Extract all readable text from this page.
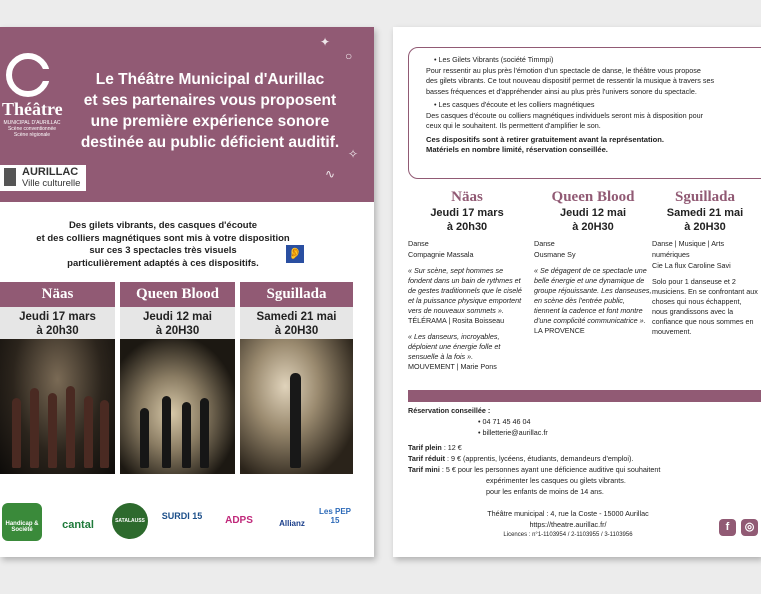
Théâtre
MUNICIPAL D'AURILLAC
Scène conventionnée
Scène régionale
Le Théâtre Municipal d'Aurillac
et ses partenaires vous proposent
une première expérience sonore
destinée au public déficient auditif.
✦
○
∿
✧
AURILLAC
Ville culturelle
Des gilets vibrants, des casques d'écoute
et des colliers magnétiques sont mis à votre disposition
sur ces 3 spectacles très visuels
particulièrement adaptés à ces dispositifs.
👂
Näas
Jeudi 17 mars
à 20h30
Queen Blood
Jeudi 12 mai
à 20H30
Sguillada
Samedi 21 mai
à 20H30
Handicap & Société	cantal	SATALAUSS	SURDI 15	ADPS	Allianz
Les PEP 15
• Les Gilets Vibrants (société Timmpi)
Pour ressentir au plus près l'émotion d'un spectacle de danse, le théâtre vous propose
des gilets vibrants. Ce tout nouveau dispositif permet de ressentir la musique à travers ses
basses fréquences et d'appréhender ainsi au plus près l'univers sonore du spectacle.
• Les casques d'écoute et les colliers magnétiques
Des casques d'écoute ou colliers magnétiques individuels seront mis à disposition pour
ceux qui le souhaitent. Ils permettent d'amplifier le son.
Ces dispositifs sont à retirer gratuitement avant la représentation.
Matériels en nombre limité, réservation conseillée.
Näas
Jeudi 17 mars
à 20h30
Danse
Compagnie Massala
« Sur scène, sept hommes se fondent dans un bain de rythmes et de gestes traditionnels que le ciselé et la puissance physique emportent vers de nouveaux sommets ».
TÉLÉRAMA | Rosita Boisseau
« Les danseurs, incroyables, déploient une énergie folle et sensuelle à la fois ».
MOUVEMENT | Marie Pons
Queen Blood
Jeudi 12 mai
à 20H30
Danse
Ousmane Sy
« Se dégagent de ce spectacle une belle énergie et une dynamique de groupe réjouissante. Les danseuses, en scène dès l'entrée public, tiennent la cadence et font montre d'une complicité communicatrice ».
LA PROVENCE
Sguillada
Samedi 21 mai
à 20H30
Danse | Musique | Arts numériques
Cie La flux Caroline Savi
Solo pour 1 danseuse et 2 musiciens. En se confrontant aux choses qui nous échappent, nous grandissons avec la confiance que nous sommes en mouvement.
Réservation conseillée :
• 04 71 45 46 04
• billetterie@aurillac.fr
Tarif plein : 12 €
Tarif réduit : 9 € (apprentis, lycéens, étudiants, demandeurs d'emploi).
Tarif mini : 5 € pour les personnes ayant une déficience auditive qui souhaitent
expérimenter les casques ou gilets vibrants.
pour les enfants de moins de 14 ans.
Théâtre municipal : 4, rue la Coste - 15000 Aurillac
https://theatre.aurillac.fr/
Licences : n°1-1103954 / 2-1103955 / 3-1103956
f	◎
